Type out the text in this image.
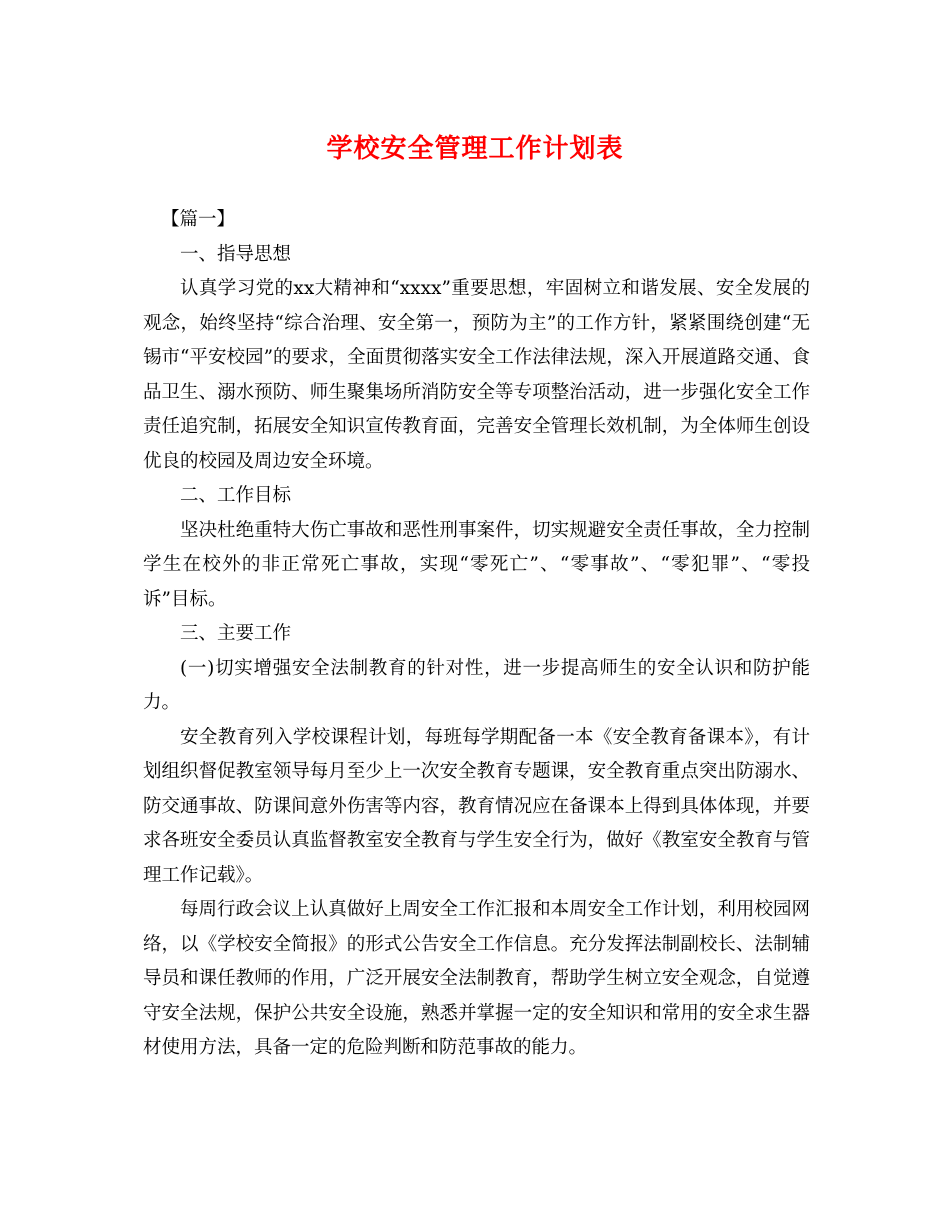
学校安全管理工作计划表

【篇一】

一、指导思想

认真学习党的xx大精神和“xxxx”重要思想，牢固树立和谐发展、安全发展的观念，始终坚持“综合治理、安全第一，预防为主”的工作方针，紧紧围绕创建“无锡市“平安校园”的要求，全面贯彻落实安全工作法律法规，深入开展道路交通、食品卫生、溺水预防、师生聚集场所消防安全等专项整治活动，进一步强化安全工作责任追究制，拓展安全知识宣传教育面，完善安全管理长效机制，为全体师生创设优良的校园及周边安全环境。

二、工作目标

坚决杜绝重特大伤亡事故和恶性刑事案件，切实规避安全责任事故，全力控制学生在校外的非正常死亡事故，实现“零死亡”、“零事故”、“零犯罪”、“零投诉”目标。

三、主要工作

(一)切实增强安全法制教育的针对性，进一步提高师生的安全认识和防护能力。

安全教育列入学校课程计划，每班每学期配备一本《安全教育备课本》，有计划组织督促教室领导每月至少上一次安全教育专题课，安全教育重点突出防溺水、防交通事故、防课间意外伤害等内容，教育情况应在备课本上得到具体体现，并要求各班安全委员认真监督教室安全教育与学生安全行为，做好《教室安全教育与管理工作记载》。

每周行政会议上认真做好上周安全工作汇报和本周安全工作计划，利用校园网络，以《学校安全简报》的形式公告安全工作信息。充分发挥法制副校长、法制辅导员和课任教师的作用，广泛开展安全法制教育，帮助学生树立安全观念，自觉遵守安全法规，保护公共安全设施，熟悉并掌握一定的安全知识和常用的安全求生器材使用方法，具备一定的危险判断和防范事故的能力。
